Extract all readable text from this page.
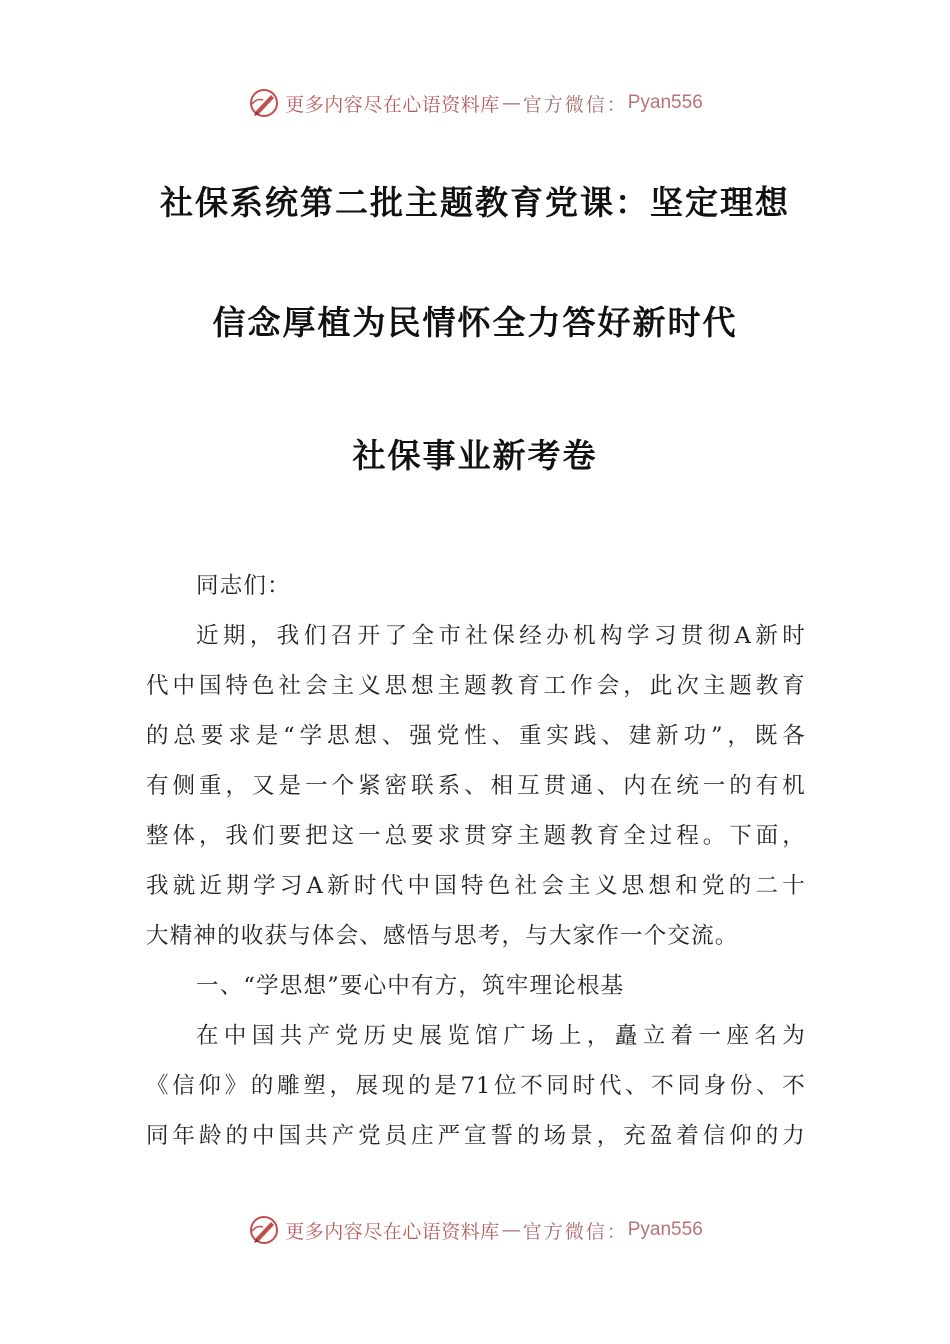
更多内容尽在心语资料库 — 官方微信： Pyan556
社保系统第二批主题教育党课：坚定理想
信念厚植为民情怀全力答好新时代
社保事业新考卷
同志们：
近期，我们召开了全市社保经办机构学习贯彻A新时
代中国特色社会主义思想主题教育工作会，此次主题教育
的总要求是“学思想、强党性、重实践、建新功”，既各
有侧重，又是一个紧密联系、相互贯通、内在统一的有机
整体，我们要把这一总要求贯穿主题教育全过程。下面，
我就近期学习A新时代中国特色社会主义思想和党的二十
大精神的收获与体会、感悟与思考，与大家作一个交流。
一、“学思想”要心中有方，筑牢理论根基
在中国共产党历史展览馆广场上，矗立着一座名为
《信仰》的雕塑，展现的是71位不同时代、不同身份、不
同年龄的中国共产党员庄严宣誓的场景，充盈着信仰的力
更多内容尽在心语资料库 — 官方微信： Pyan556
